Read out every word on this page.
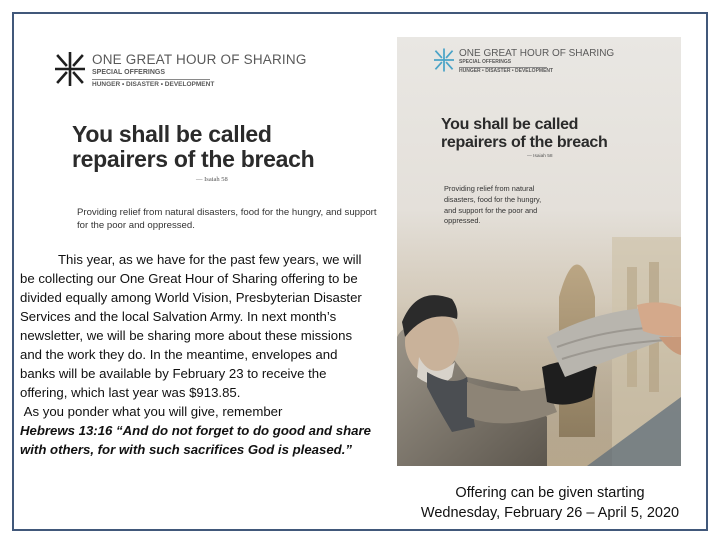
ONE GREAT HOUR OF SHARING
SPECIAL OFFERINGS
HUNGER • DISASTER • DEVELOPMENT
You shall be called
repairers of the breach
— Isaiah 58
Providing relief from natural disasters, food for the hungry, and support for the poor and oppressed.

This year, as we have for the past few years, we will be collecting our One Great Hour of Sharing offering to be divided equally among World Vision, Presbyterian Disaster Services and the local Salvation Army. In next month’s newsletter, we will be sharing more about these missions and the work they do. In the meantime, envelopes and banks will be available by February 23 to receive the offering, which last year was $913.85.

As you ponder what you will give, remember

Hebrews 13:16 “And do not forget to do good and share with others, for with such sacrifices God is pleased.”

ONE GREAT HOUR OF SHARING
SPECIAL OFFERINGS
HUNGER • DISASTER • DEVELOPMENT
You shall be called
repairers of the breach
— Isaiah 58
Providing relief from natural disasters, food for the hungry, and support for the poor and oppressed.
Offering can be given starting
Wednesday, February 26 – April 5, 2020
